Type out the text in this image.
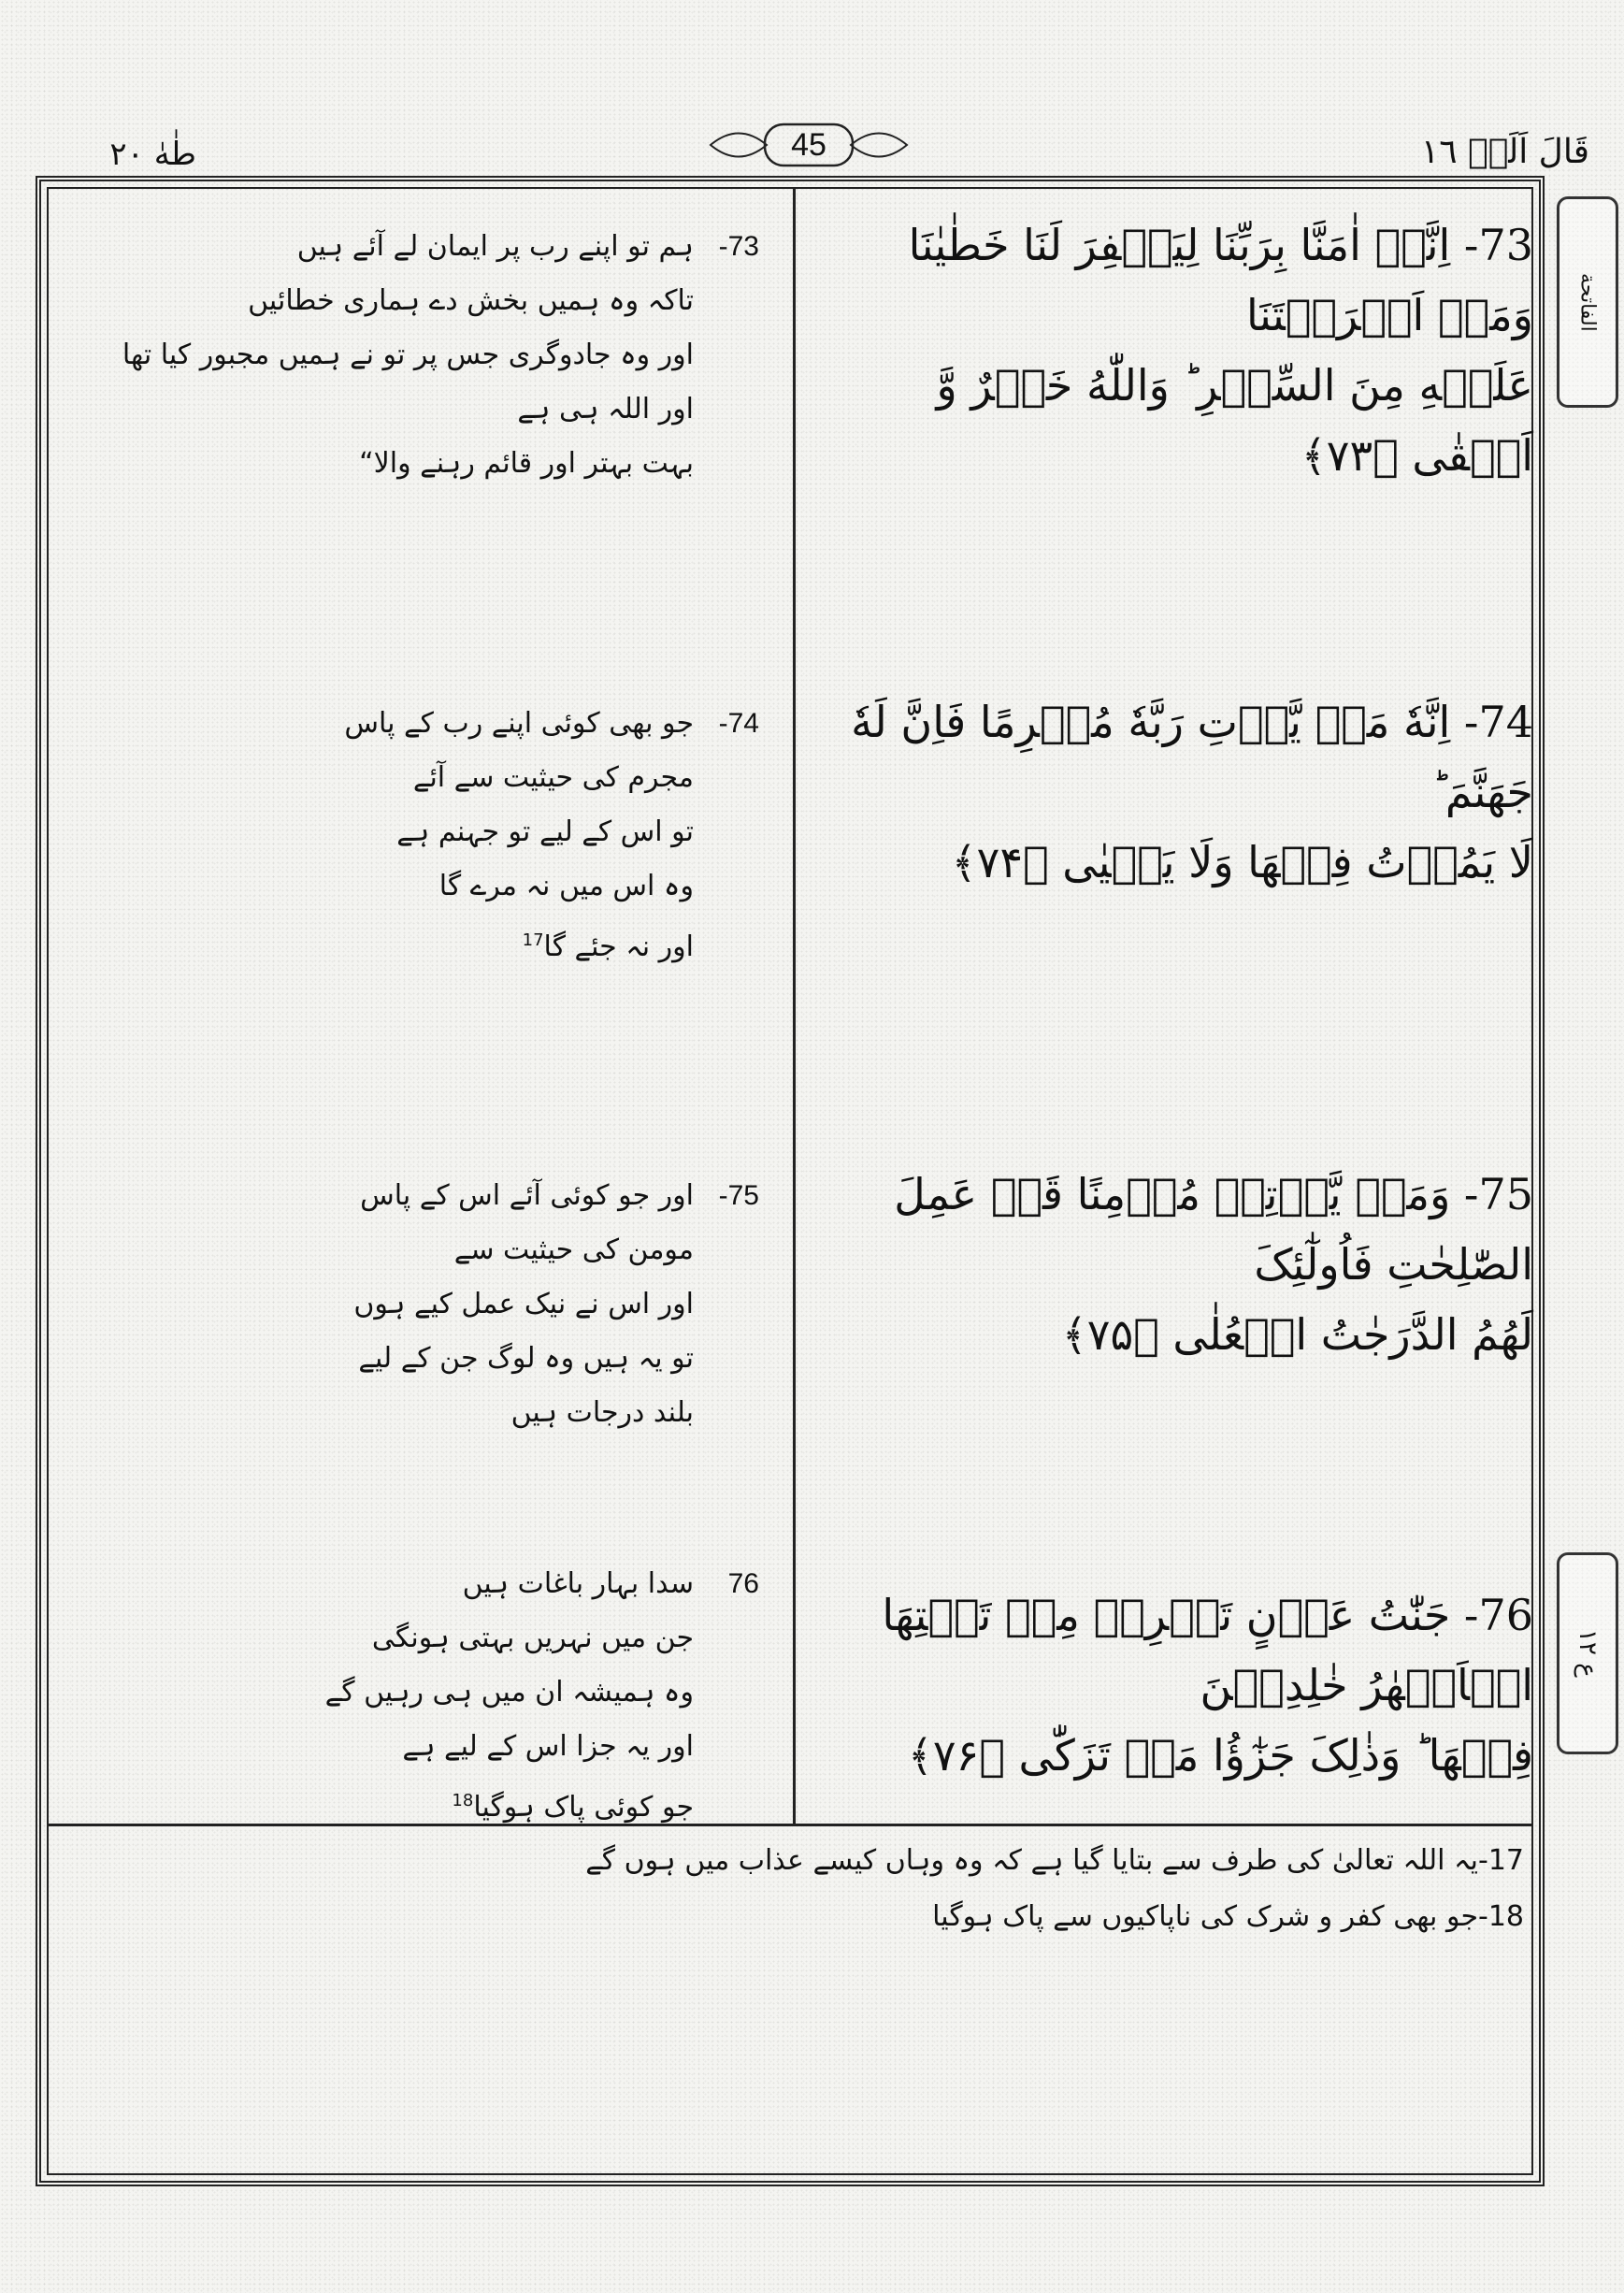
طٰهٰ ٢٠	45	قَالَ اَلَمۡ ١٦
الفاتحة
ع ١٢
73- اِنَّاۤ اٰمَنَّا بِرَبِّنَا لِیَغۡفِرَ لَنَا خَطٰیٰنَا وَمَاۤ اَکۡرَهۡتَنَا
عَلَیۡهِ مِنَ السِّحۡرِ ؕ وَاللّٰهُ خَیۡرٌ وَّ اَبۡقٰی ﴿۷۳﴾
73-ہم تو اپنے رب پر ایمان لے آئے ہیں
تاکہ وہ ہمیں بخش دے ہماری خطائیں
اور وہ جادوگری جس پر تو نے ہمیں مجبور کیا تھا
اور اللہ ہی ہے
بہت بہتر اور قائم رہنے والا“
74- اِنَّهٗ مَنۡ یَّاۡتِ رَبَّهٗ مُجۡرِمًا فَاِنَّ لَهٗ جَهَنَّمَ ؕ
لَا یَمُوۡتُ فِیۡهَا وَلَا یَحۡیٰی ﴿۷۴﴾
74-جو بھی کوئی اپنے رب کے پاس
مجرم کی حیثیت سے آئے
تو اس کے لیے تو جہنم ہے
وہ اس میں نہ مرے گا
اور نہ جئے گا$^{17}$
75- وَمَنۡ یَّاۡتِهٖ مُؤۡمِنًا قَدۡ عَمِلَ الصّٰلِحٰتِ فَاُولٰٓئِکَ
لَهُمُ الدَّرَجٰتُ الۡعُلٰی ﴿۷۵﴾
75-اور جو کوئی آئے اس کے پاس
مومن کی حیثیت سے
اور اس نے نیک عمل کیے ہوں
تو یہ ہیں وہ لوگ جن کے لیے
بلند درجات ہیں
76- جَنّٰتُ عَدۡنٍ تَجۡرِیۡ مِنۡ تَحۡتِهَا الۡاَنۡهٰرُ خٰلِدِیۡنَ
فِیۡهَا ؕ وَذٰلِکَ جَزٰٓؤُا مَنۡ تَزَکّٰی ﴿۷۶﴾
76سدا بہار باغات ہیں
جن میں نہریں بہتی ہونگی
وہ ہمیشہ ان میں ہی رہیں گے
اور یہ جزا اس کے لیے ہے
جو کوئی پاک ہوگیا$^{18}$
17-یہ اللہ تعالیٰ کی طرف سے بتایا گیا ہے کہ وہ وہاں کیسے عذاب میں ہوں گے
18-جو بھی کفر و شرک کی ناپاکیوں سے پاک ہوگیا
